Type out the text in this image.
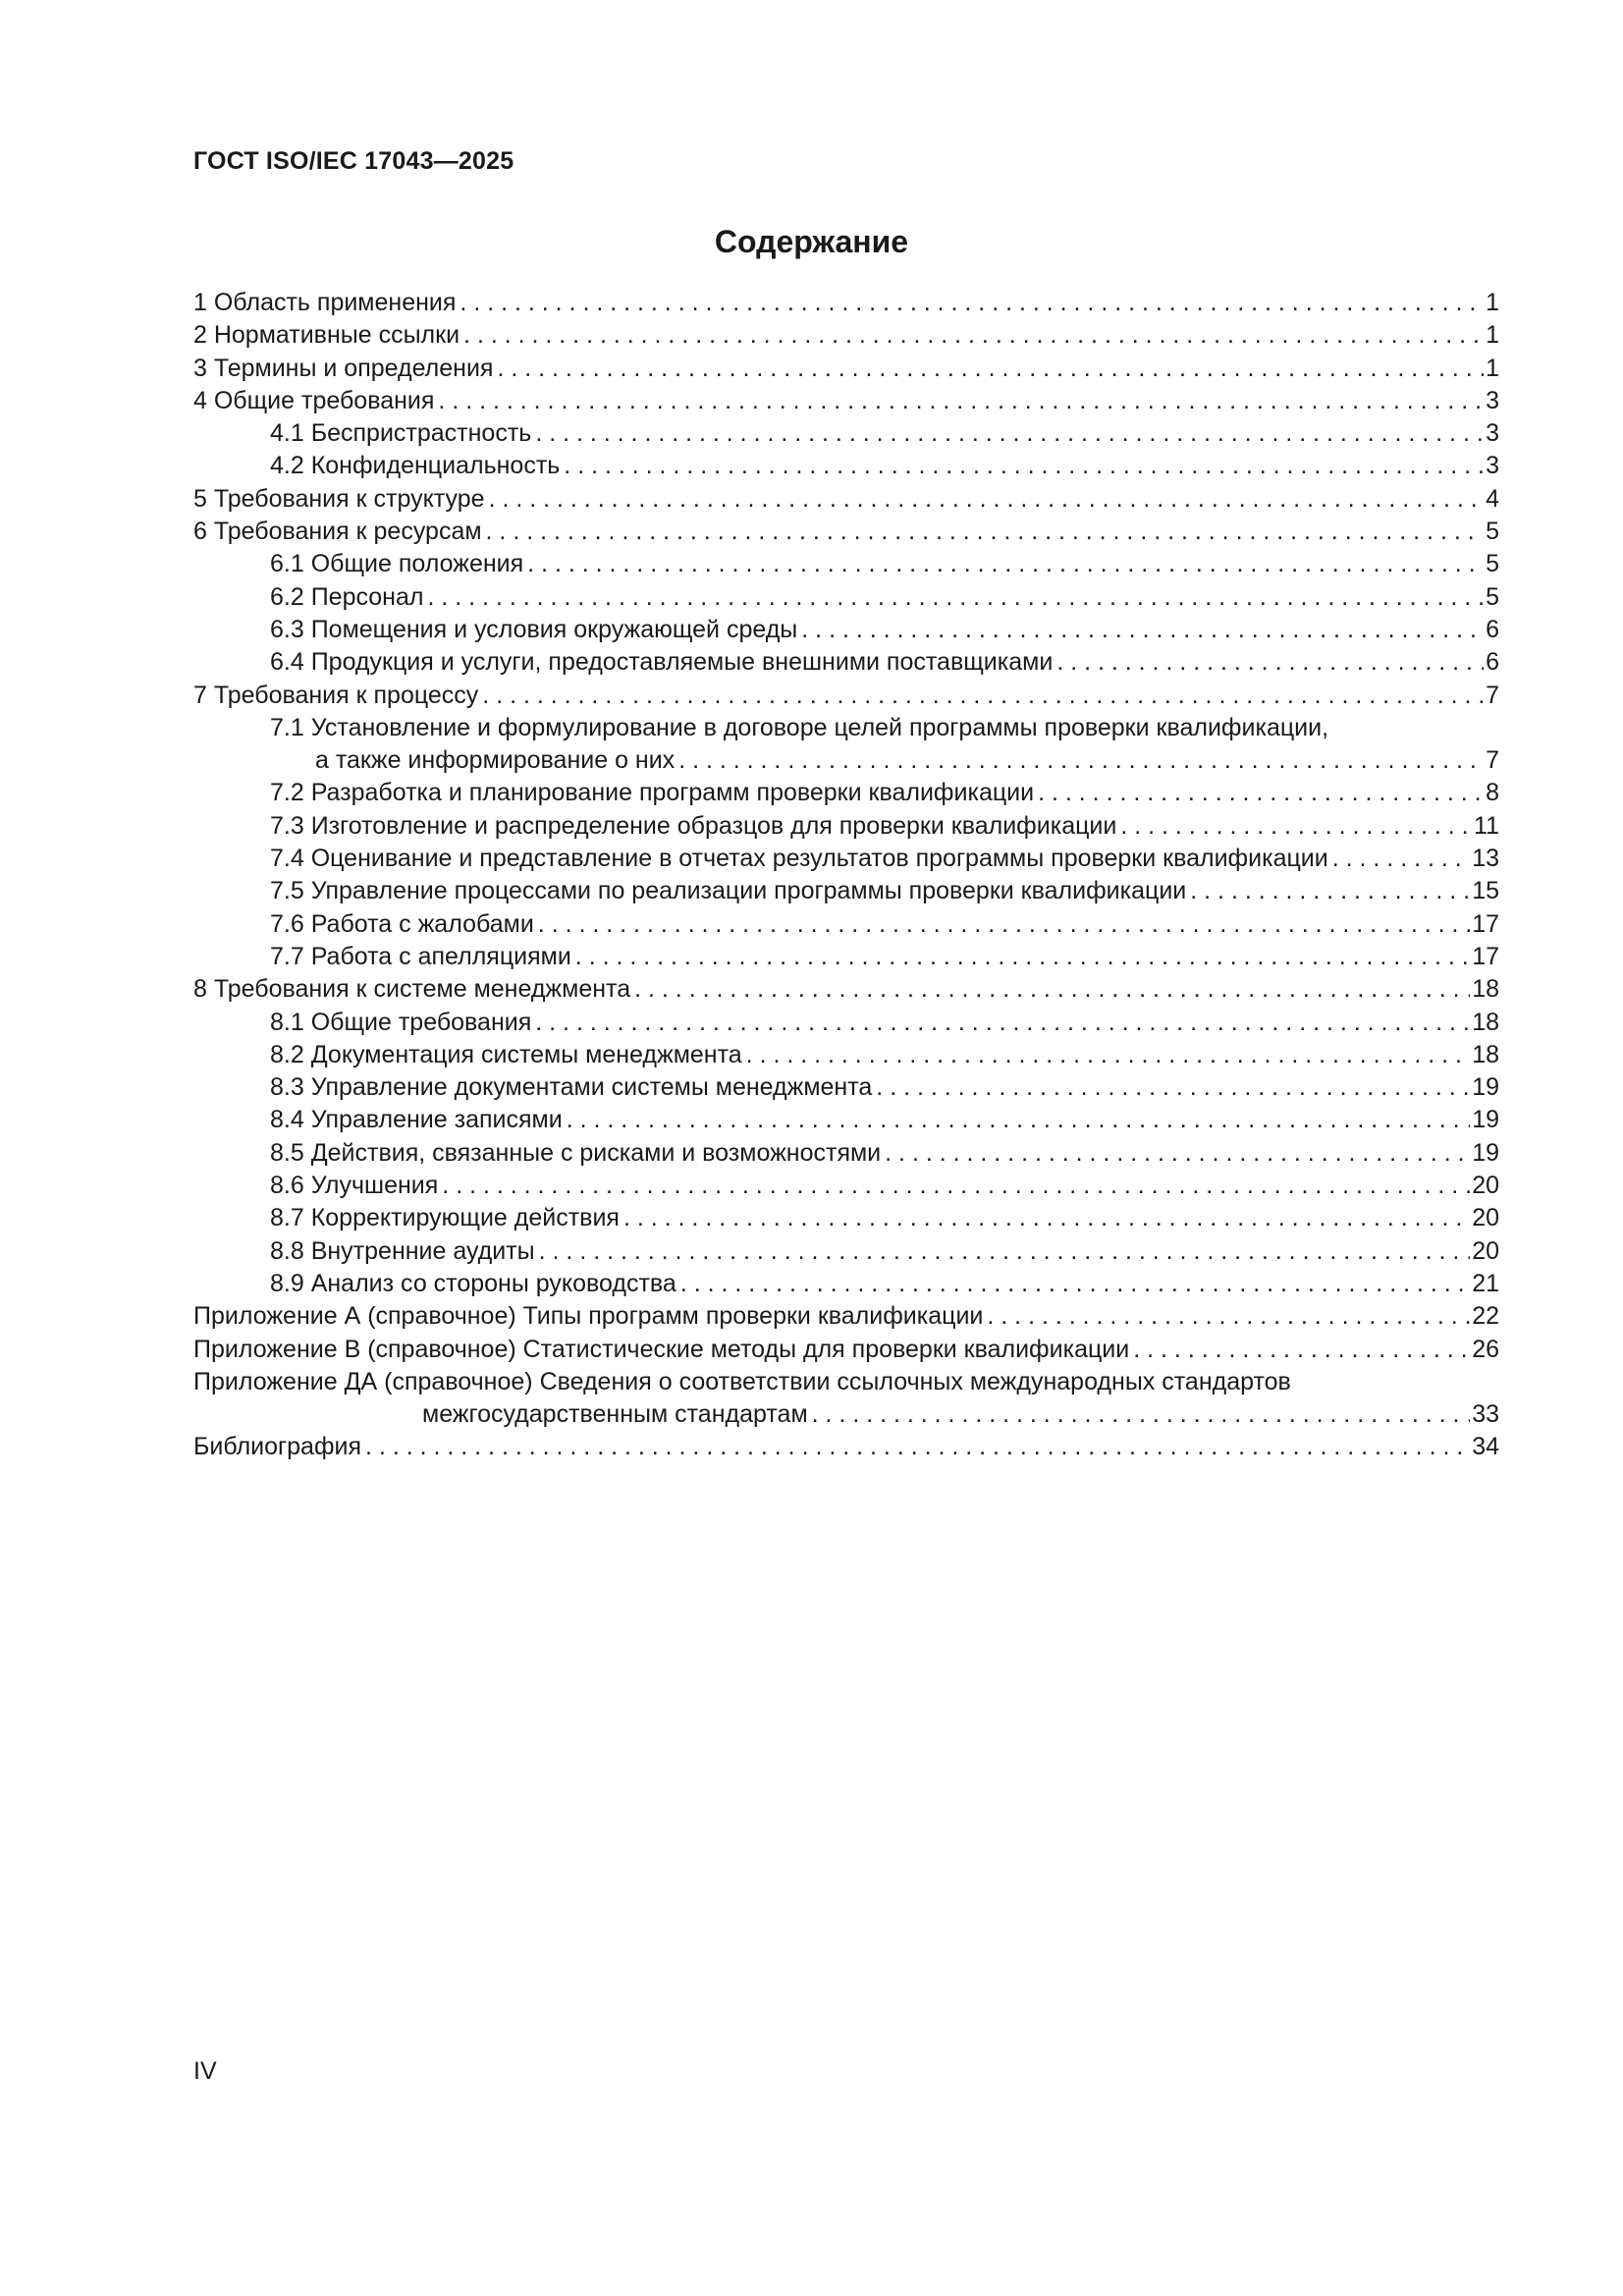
ГОСТ ISO/IEC 17043—2025
Содержание
1 Область применения . . .	1
2 Нормативные ссылки . . .	1
3 Термины и определения . . .	1
4 Общие требования . . .	3
4.1 Беспристрастность . . .	3
4.2 Конфиденциальность . . .	3
5 Требования к структуре . . .	4
6 Требования к ресурсам . . .	5
6.1 Общие положения . . .	5
6.2 Персонал . . .	5
6.3 Помещения и условия окружающей среды . . .	6
6.4 Продукция и услуги, предоставляемые внешними поставщиками . . .	6
7 Требования к процессу . . .	7
7.1 Установление и формулирование в договоре целей программы проверки квалификации,
а также информирование о них . . .	7
7.2 Разработка и планирование программ проверки квалификации . . .	8
7.3 Изготовление и распределение образцов для проверки квалификации . . .	11
7.4 Оценивание и представление в отчетах результатов программы проверки квалификации . . .	13
7.5 Управление процессами по реализации программы проверки квалификации . . .	15
7.6 Работа с жалобами . . .	17
7.7 Работа с апелляциями . . .	17
8 Требования к системе менеджмента . . .	18
8.1 Общие требования . . .	18
8.2 Документация системы менеджмента . . .	18
8.3 Управление документами системы менеджмента . . .	19
8.4 Управление записями . . .	19
8.5 Действия, связанные с рисками и возможностями . . .	19
8.6 Улучшения . . .	20
8.7 Корректирующие действия . . .	20
8.8 Внутренние аудиты . . .	20
8.9 Анализ со стороны руководства . . .	21
Приложение А (справочное) Типы программ проверки квалификации . . .	22
Приложение В (справочное) Статистические методы для проверки квалификации . . .	26
Приложение ДА (справочное) Сведения о соответствии ссылочных международных стандартов
межгосударственным стандартам . . .	33
Библиография . . .	34
IV
